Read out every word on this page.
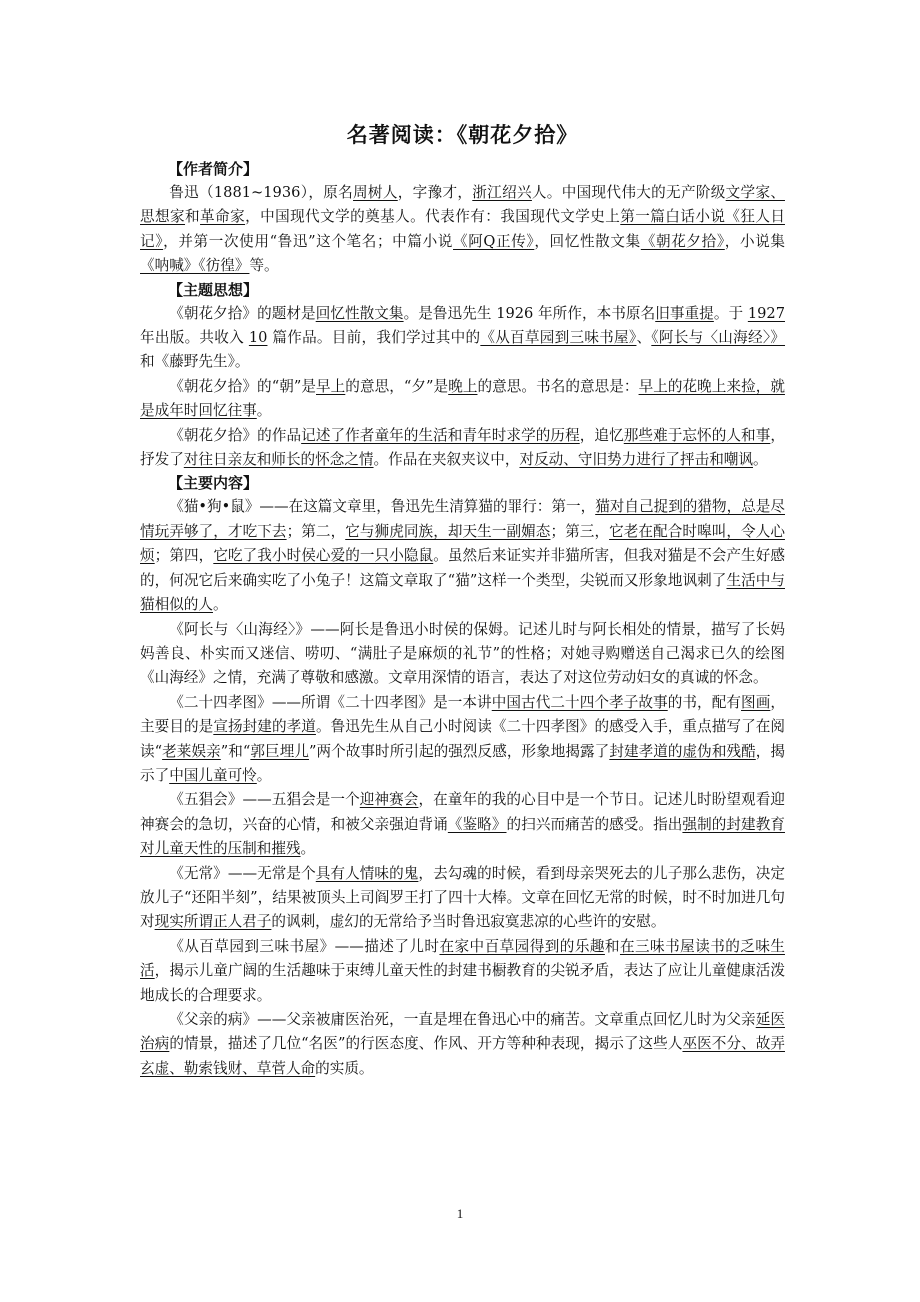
名著阅读：《朝花夕拾》

【作者简介】

鲁迅（1881~1936），原名周树人，字豫才，浙江绍兴人。中国现代伟大的无产阶级文学家、思想家和革命家，中国现代文学的奠基人。代表作有：我国现代文学史上第一篇白话小说《狂人日记》，并第一次使用“鲁迅”这个笔名；中篇小说《阿Q正传》，回忆性散文集《朝花夕拾》，小说集《呐喊》《彷徨》等。

【主题思想】

《朝花夕拾》的题材是回忆性散文集。是鲁迅先生 1926 年所作，本书原名旧事重提。于 1927 年出版。共收入 10 篇作品。目前，我们学过其中的《从百草园到三味书屋》、《阿长与〈山海经〉》和《藤野先生》。

《朝花夕拾》的“朝”是早上的意思，“夕”是晚上的意思。书名的意思是：早上的花晚上来捡，就是成年时回忆往事。

《朝花夕拾》的作品记述了作者童年的生活和青年时求学的历程，追忆那些难于忘怀的人和事，抒发了对往日亲友和师长的怀念之情。作品在夹叙夹议中，对反动、守旧势力进行了抨击和嘲讽。

【主要内容】

《猫•狗•鼠》——在这篇文章里，鲁迅先生清算猫的罪行：第一，猫对自己捉到的猎物，总是尽情玩弄够了，才吃下去；第二，它与狮虎同族，却天生一副媚态；第三，它老在配合时嗥叫，令人心烦；第四，它吃了我小时侯心爱的一只小隐鼠。虽然后来证实并非猫所害，但我对猫是不会产生好感的，何况它后来确实吃了小兔子！这篇文章取了“猫”这样一个类型，尖锐而又形象地讽刺了生活中与猫相似的人。

《阿长与〈山海经〉》——阿长是鲁迅小时侯的保姆。记述儿时与阿长相处的情景，描写了长妈妈善良、朴实而又迷信、唠叨、“满肚子是麻烦的礼节”的性格；对她寻购赠送自己渴求已久的绘图《山海经》之情，充满了尊敬和感激。文章用深情的语言，表达了对这位劳动妇女的真诚的怀念。

《二十四孝图》——所谓《二十四孝图》是一本讲中国古代二十四个孝子故事的书，配有图画，主要目的是宣扬封建的孝道。鲁迅先生从自己小时阅读《二十四孝图》的感受入手，重点描写了在阅读“老莱娱亲”和“郭巨埋儿”两个故事时所引起的强烈反感，形象地揭露了封建孝道的虚伪和残酷，揭示了中国儿童可怜。

《五猖会》——五猖会是一个迎神赛会，在童年的我的心目中是一个节日。记述儿时盼望观看迎神赛会的急切，兴奋的心情，和被父亲强迫背诵《鉴略》的扫兴而痛苦的感受。指出强制的封建教育对儿童天性的压制和摧残。

《无常》——无常是个具有人情味的鬼，去勾魂的时候，看到母亲哭死去的儿子那么悲伤，决定放儿子“还阳半刻”，结果被顶头上司阎罗王打了四十大棒。文章在回忆无常的时候，时不时加进几句对现实所谓正人君子的讽刺，虚幻的无常给予当时鲁迅寂寞悲凉的心些许的安慰。

《从百草园到三味书屋》——描述了儿时在家中百草园得到的乐趣和在三味书屋读书的乏味生活，揭示儿童广阔的生活趣味于束缚儿童天性的封建书橱教育的尖锐矛盾，表达了应让儿童健康活泼地成长的合理要求。

《父亲的病》——父亲被庸医治死，一直是埋在鲁迅心中的痛苦。文章重点回忆儿时为父亲延医治病的情景，描述了几位“名医”的行医态度、作风、开方等种种表现，揭示了这些人巫医不分、故弄玄虚、勒索钱财、草菅人命的实质。

1
